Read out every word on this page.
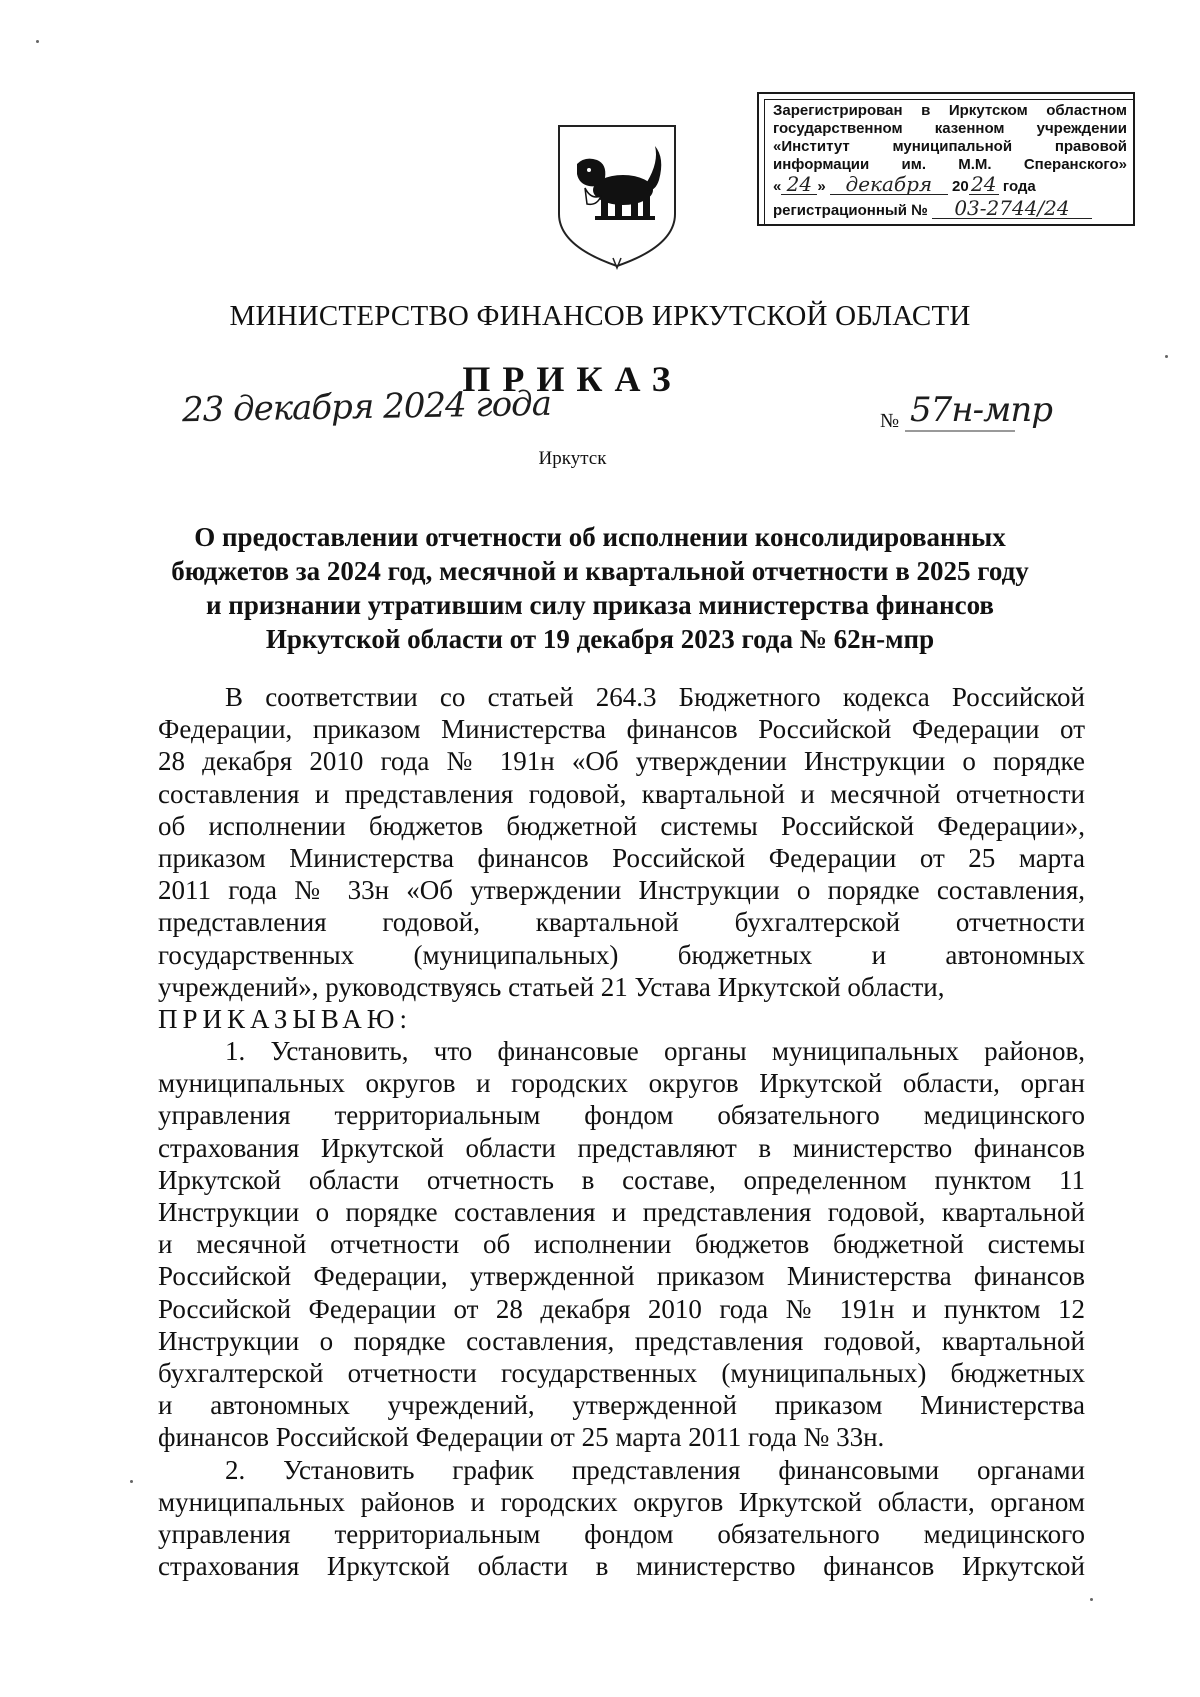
Зарегистрирован в Иркутском областном
государственном казенном учреждении
«Институт муниципальной правовой
информации им. М.М. Сперанского»
« 24 » декабря 20 24 года
регистрационный № 03-2744/24
МИНИСТЕРСТВО ФИНАНСОВ ИРКУТСКОЙ ОБЛАСТИ
ПРИКАЗ
23 декабря 2024 года	№ 57н-мпр
Иркутск
О предоставлении отчетности об исполнении консолидированных
бюджетов за 2024 год, месячной и квартальной отчетности в 2025 году
и признании утратившим силу приказа министерства финансов
Иркутской области от 19 декабря 2023 года № 62н-мпр
В соответствии со статьей 264.3 Бюджетного кодекса Российской
Федерации, приказом Министерства финансов Российской Федерации от
28 декабря 2010 года № 191н «Об утверждении Инструкции о порядке
составления и представления годовой, квартальной и месячной отчетности
об исполнении бюджетов бюджетной системы Российской Федерации»,
приказом Министерства финансов Российской Федерации от 25 марта
2011 года № 33н «Об утверждении Инструкции о порядке составления,
представления годовой, квартальной бухгалтерской отчетности
государственных (муниципальных) бюджетных и автономных
учреждений», руководствуясь статьей 21 Устава Иркутской области,
ПРИКАЗЫВАЮ:
1. Установить, что финансовые органы муниципальных районов,
муниципальных округов и городских округов Иркутской области, орган
управления территориальным фондом обязательного медицинского
страхования Иркутской области представляют в министерство финансов
Иркутской области отчетность в составе, определенном пунктом 11
Инструкции о порядке составления и представления годовой, квартальной
и месячной отчетности об исполнении бюджетов бюджетной системы
Российской Федерации, утвержденной приказом Министерства финансов
Российской Федерации от 28 декабря 2010 года № 191н и пунктом 12
Инструкции о порядке составления, представления годовой, квартальной
бухгалтерской отчетности государственных (муниципальных) бюджетных
и автономных учреждений, утвержденной приказом Министерства
финансов Российской Федерации от 25 марта 2011 года № 33н.
2. Установить график представления финансовыми органами
муниципальных районов и городских округов Иркутской области, органом
управления территориальным фондом обязательного медицинского
страхования Иркутской области в министерство финансов Иркутской
